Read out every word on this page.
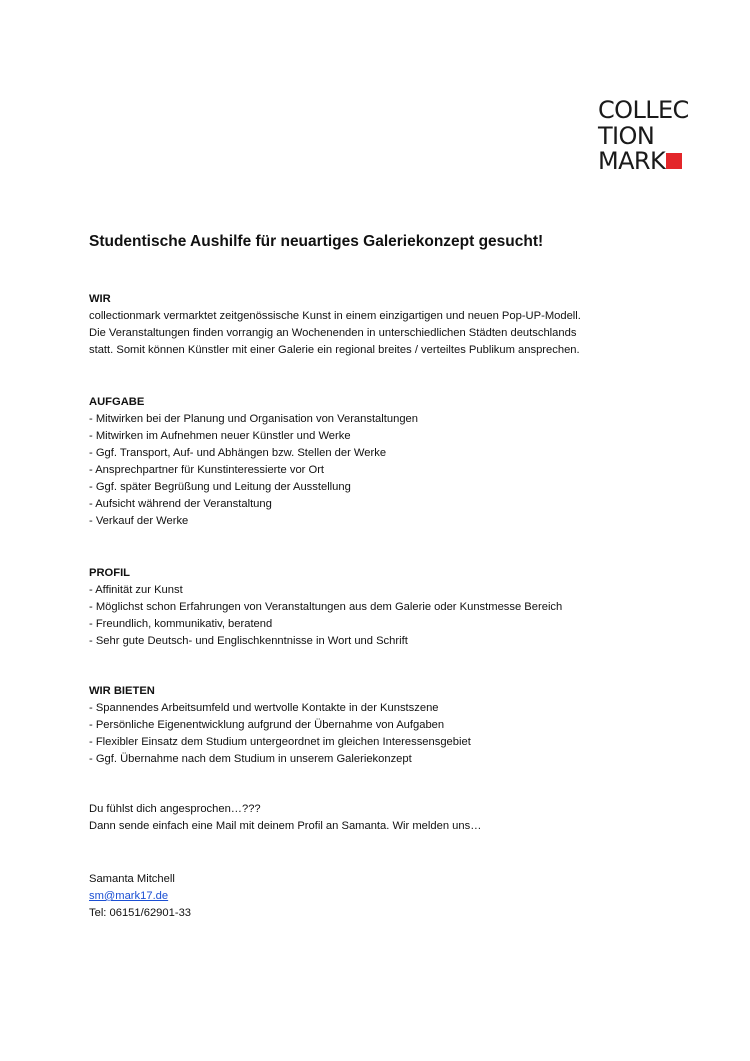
COLLEC
TION
MARK
Studentische Aushilfe für neuartiges Galeriekonzept gesucht!
WIR
collectionmark vermarktet zeitgenössische Kunst in einem einzigartigen und neuen Pop-UP-Modell.
Die Veranstaltungen finden vorrangig an Wochenenden in unterschiedlichen Städten deutschlands
statt. Somit können Künstler mit einer Galerie ein regional breites / verteiltes Publikum ansprechen.
AUFGABE
- Mitwirken bei der Planung und Organisation von Veranstaltungen
- Mitwirken im Aufnehmen neuer Künstler und Werke
- Ggf. Transport, Auf- und Abhängen bzw. Stellen der Werke
- Ansprechpartner für Kunstinteressierte vor Ort
- Ggf. später Begrüßung und Leitung der Ausstellung
- Aufsicht während der Veranstaltung
- Verkauf der Werke
PROFIL
- Affinität zur Kunst
- Möglichst schon Erfahrungen von Veranstaltungen aus dem Galerie oder Kunstmesse Bereich
- Freundlich, kommunikativ, beratend
- Sehr gute Deutsch- und Englischkenntnisse in Wort und Schrift
WIR BIETEN
- Spannendes Arbeitsumfeld und wertvolle Kontakte in der Kunstszene
- Persönliche Eigenentwicklung aufgrund der Übernahme von Aufgaben
- Flexibler Einsatz dem Studium untergeordnet im gleichen Interessensgebiet
- Ggf. Übernahme nach dem Studium in unserem Galeriekonzept
Du fühlst dich angesprochen…???
Dann sende einfach eine Mail mit deinem Profil an Samanta. Wir melden uns…
Samanta Mitchell
sm@mark17.de
Tel: 06151/62901-33
